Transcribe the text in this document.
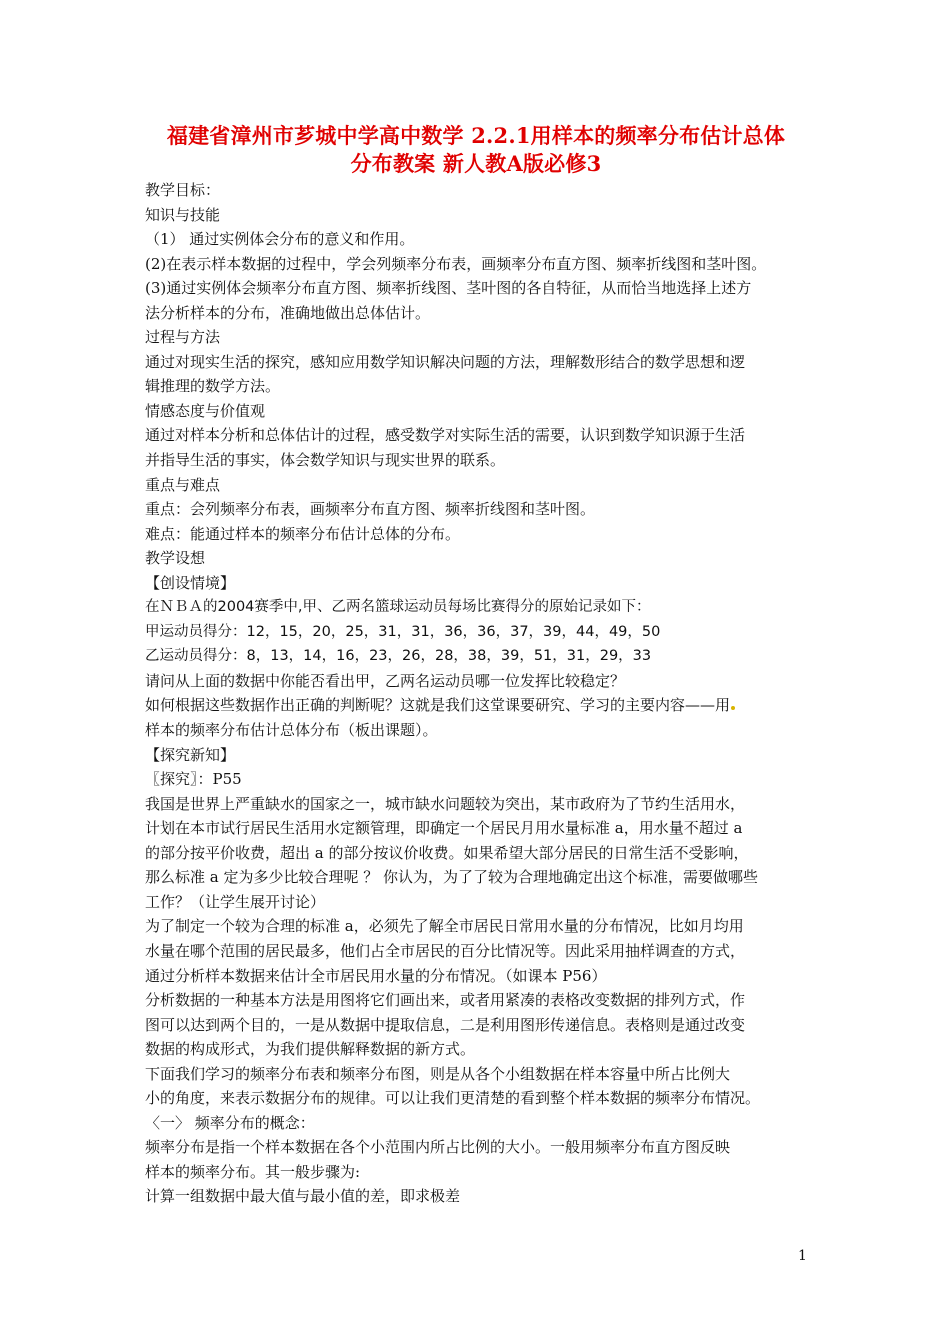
福建省漳州市芗城中学高中数学 2.2.1用样本的频率分布估计总体
分布教案 新人教A版必修3
教学目标：
知识与技能
（1） 通过实例体会分布的意义和作用。
(2)在表示样本数据的过程中，学会列频率分布表，画频率分布直方图、频率折线图和茎叶图。
(3)通过实例体会频率分布直方图、频率折线图、茎叶图的各自特征，从而恰当地选择上述方
法分析样本的分布，准确地做出总体估计。
过程与方法
通过对现实生活的探究，感知应用数学知识解决问题的方法，理解数形结合的数学思想和逻
辑推理的数学方法。
情感态度与价值观
通过对样本分析和总体估计的过程，感受数学对实际生活的需要，认识到数学知识源于生活
并指导生活的事实，体会数学知识与现实世界的联系。
重点与难点
重点：会列频率分布表，画频率分布直方图、频率折线图和茎叶图。
难点：能通过样本的频率分布估计总体的分布。
教学设想
【创设情境】
在ＮＢＡ的2004赛季中,甲、乙两名篮球运动员每场比赛得分的原始记录如下：
甲运动员得分：12，15，20，25，31，31，36，36，37，39，44，49，50
乙运动员得分：8，13，14，16，23，26，28，38，39，51，31，29，33
请问从上面的数据中你能否看出甲，乙两名运动员哪一位发挥比较稳定？
如何根据这些数据作出正确的判断呢？这就是我们这堂课要研究、学习的主要内容——用
样本的频率分布估计总体分布（板出课题）。
【探究新知】
〖探究〗：P55
我国是世界上严重缺水的国家之一，城市缺水问题较为突出，某市政府为了节约生活用水，
计划在本市试行居民生活用水定额管理，即确定一个居民月用水量标准 a，用水量不超过 a
的部分按平价收费，超出 a 的部分按议价收费。如果希望大部分居民的日常生活不受影响，
那么标准 a 定为多少比较合理呢 ？ 你认为，为了了较为合理地确定出这个标准，需要做哪些
工作？（让学生展开讨论）
为了制定一个较为合理的标准 a，必须先了解全市居民日常用水量的分布情况，比如月均用
水量在哪个范围的居民最多，他们占全市居民的百分比情况等。因此采用抽样调查的方式，
通过分析样本数据来估计全市居民用水量的分布情况。（如课本 P56）
分析数据的一种基本方法是用图将它们画出来，或者用紧凑的表格改变数据的排列方式，作
图可以达到两个目的，一是从数据中提取信息，二是利用图形传递信息。表格则是通过改变
数据的构成形式，为我们提供解释数据的新方式。
下面我们学习的频率分布表和频率分布图，则是从各个小组数据在样本容量中所占比例大
小的角度，来表示数据分布的规律。可以让我们更清楚的看到整个样本数据的频率分布情况。
〈一〉 频率分布的概念：
频率分布是指一个样本数据在各个小范围内所占比例的大小。一般用频率分布直方图反映
样本的频率分布。其一般步骤为:
计算一组数据中最大值与最小值的差，即求极差
1
